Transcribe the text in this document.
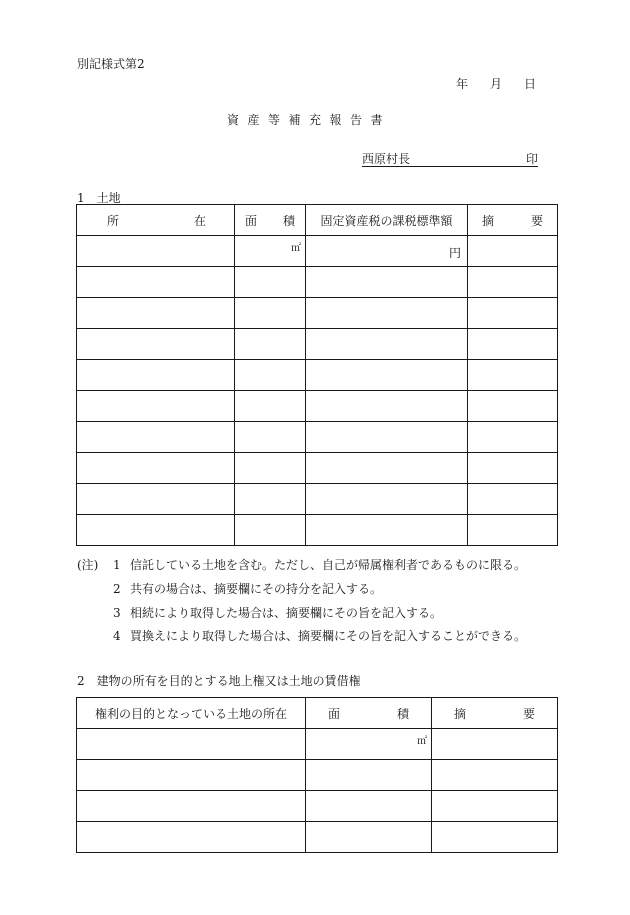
別記様式第2
年	月	日
資産等補充報告書
西原村長	印
1　土地
所 在	面 積	固定資産税の課税標準額	摘 要

	㎡	円	

(注) 1 信託している土地を含む。ただし、自己が帰属権利者であるものに限る。
2 共有の場合は、摘要欄にその持分を記入する。
3 相続により取得した場合は、摘要欄にその旨を記入する。
4 買換えにより取得した場合は、摘要欄にその旨を記入することができる。
2　建物の所有を目的とする地上権又は土地の賃借権
権利の目的となっている土地の所在	面 積	摘 要

	㎡	
